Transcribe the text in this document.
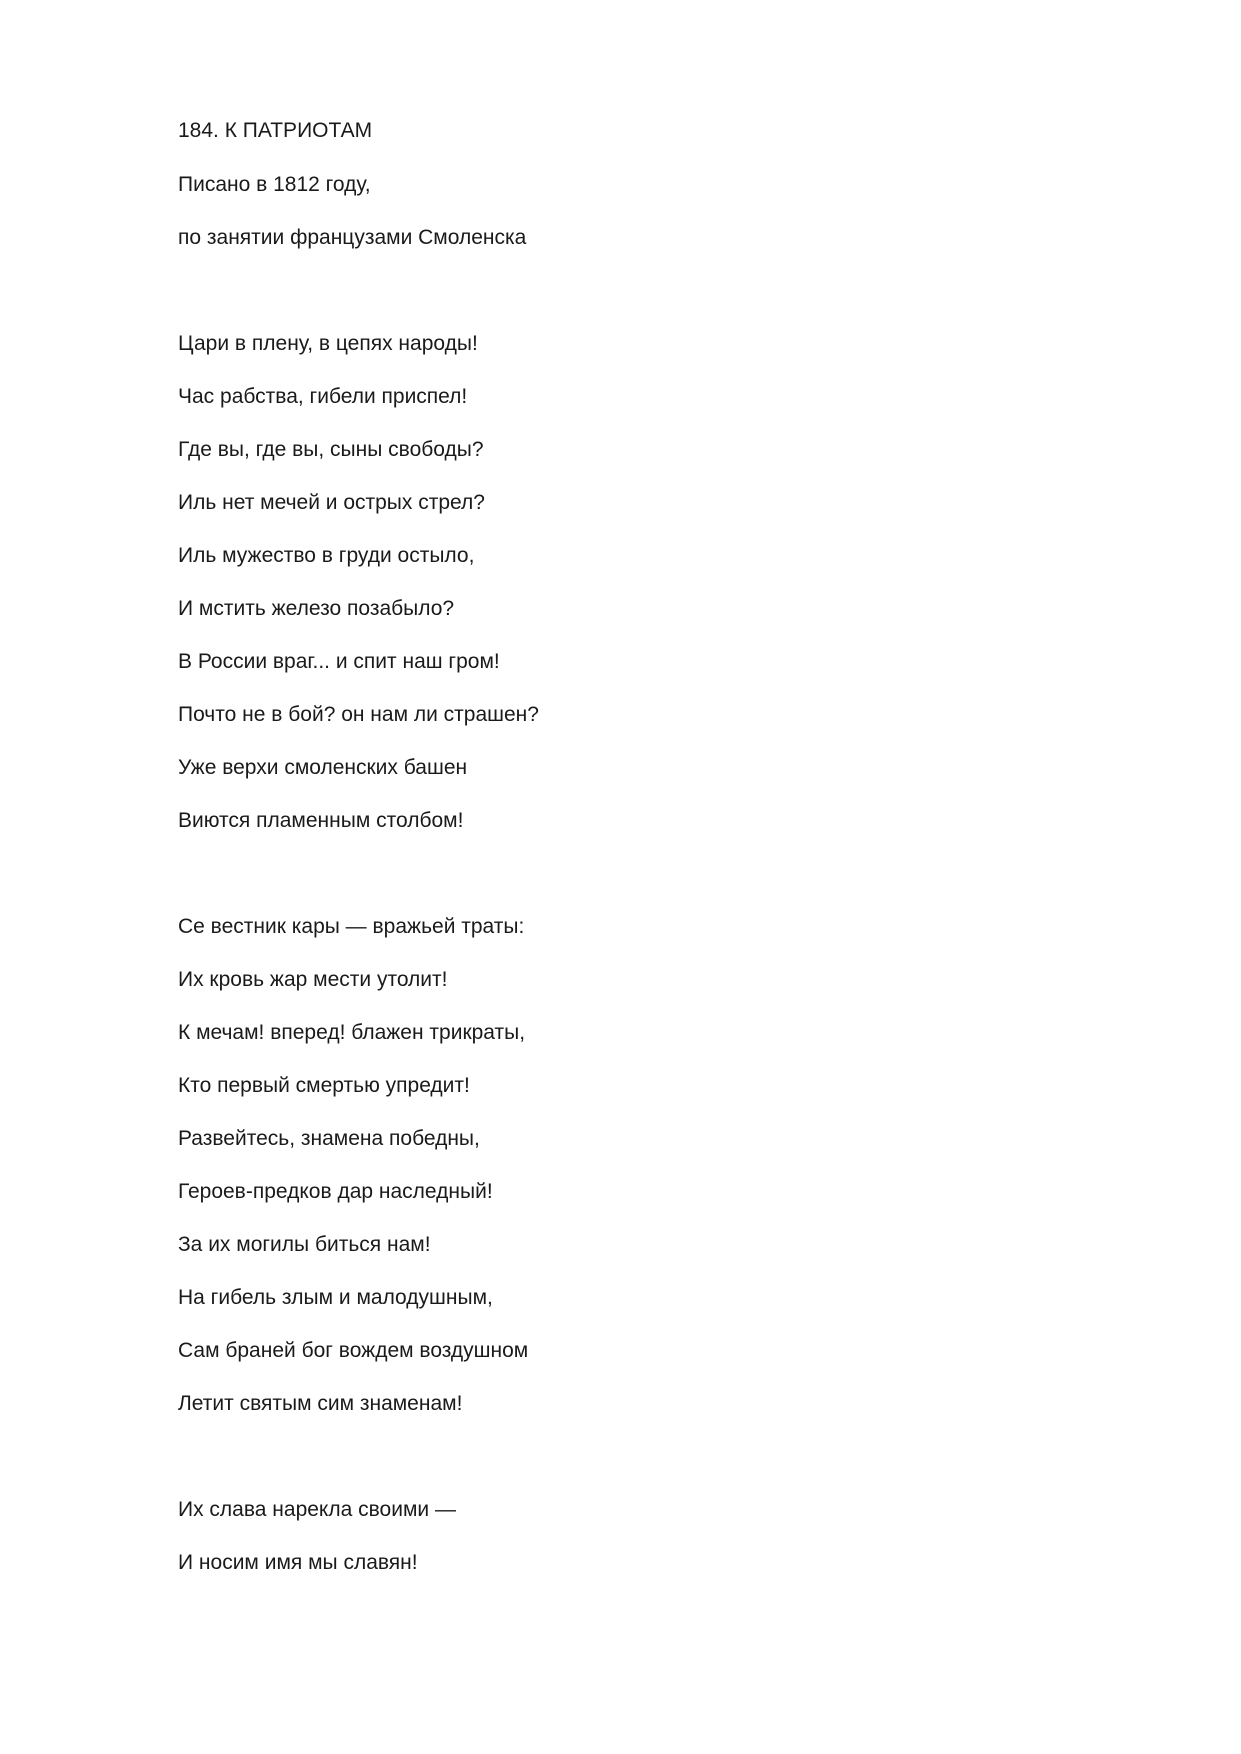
184. К ПАТРИОТАМ

Писано в 1812 году,

по занятии французами Смоленска

Цари в плену, в цепях народы!

Час рабства, гибели приспел!

Где вы, где вы, сыны свободы?

Иль нет мечей и острых стрел?

Иль мужество в груди остыло,

И мстить железо позабыло?

В России враг... и спит наш гром!

Почто не в бой? он нам ли страшен?

Уже верхи смоленских башен

Виются пламенным столбом!

Се вестник кары — вражьей траты:

Их кровь жар мести утолит!

К мечам! вперед! блажен трикраты,

Кто первый смертью упредит!

Развейтесь, знамена победны,

Героев-предков дар наследный!

За их могилы биться нам!

На гибель злым и малодушным,

Сам браней бог вождем воздушном

Летит святым сим знаменам!

Их слава нарекла своими —

И носим имя мы славян!
